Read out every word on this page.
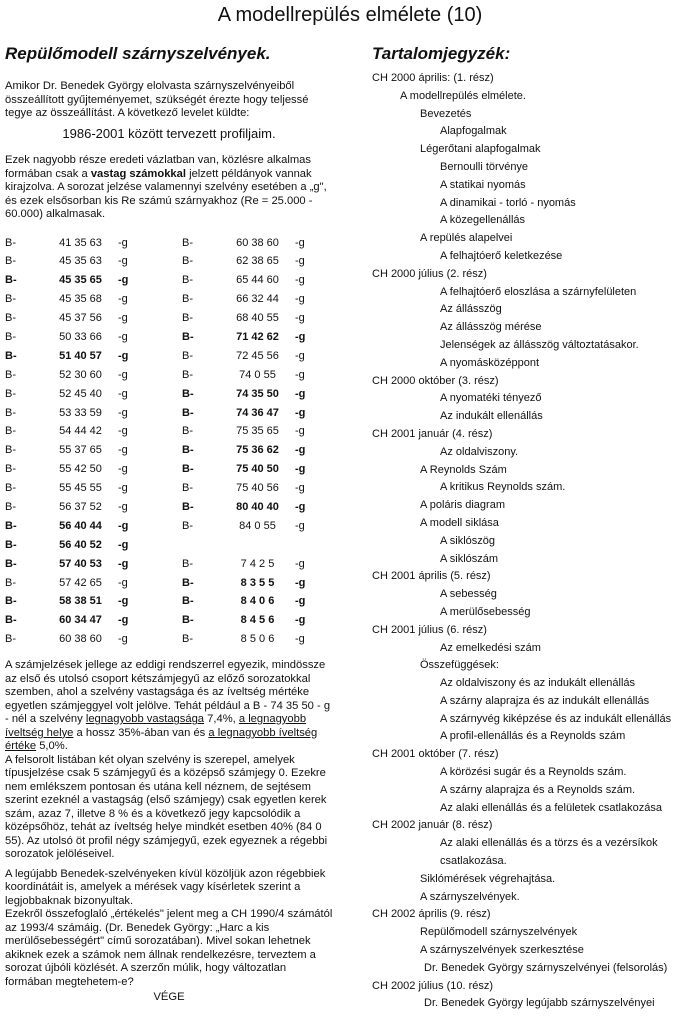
A modellrepülés elmélete (10)
Repülőmodell szárnyszelvények.

Amikor Dr. Benedek György elolvasta szárnyszelvényeiből összeállított gyűjteményemet, szükségét érezte hogy teljessé tegye az összeállítást. A következő levelet küldte:

1986-2001 között tervezett profiljaim.

Ezek nagyobb része eredeti vázlatban van, közlésre alkalmas formában csak a vastag számokkal jelzett példányok vannak kirajzolva. A sorozat jelzése valamennyi szelvény esetében a „g", és ezek elsősorban kis Re számú szárnyakhoz (Re = 25.000 - 60.000) alkalmasak.

B-	41 35 63	-g	B-	60 38 60	-g
B-	45 35 63	-g	B-	62 38 65	-g
B-	45 35 65	-g	B-	65 44 60	-g
B-	45 35 68	-g	B-	66 32 44	-g
B-	45 37 56	-g	B-	68 40 55	-g
B-	50 33 66	-g	B-	71 42 62	-g
B-	51 40 57	-g	B-	72 45 56	-g
B-	52 30 60	-g	B-	74 0 55	-g
B-	52 45 40	-g	B-	74 35 50	-g
B-	53 33 59	-g	B-	74 36 47	-g
B-	54 44 42	-g	B-	75 35 65	-g
B-	55 37 65	-g	B-	75 36 62	-g
B-	55 42 50	-g	B-	75 40 50	-g
B-	55 45 55	-g	B-	75 40 56	-g
B-	56 37 52	-g	B-	80 40 40	-g
B-	56 40 44	-g	B-	84 0 55	-g
B-	56 40 52	-g
B-	57 40 53	-g	B-	7 4 2 5	-g
B-	57 42 65	-g	B-	8 3 5 5	-g
B-	58 38 51	-g	B-	8 4 0 6	-g
B-	60 34 47	-g	B-	8 4 5 6	-g
B-	60 38 60	-g	B-	8 5 0 6	-g

A számjelzések jellege az eddigi rendszerrel egyezik, mindössze az első és utolsó csoport kétszámjegyű az előző sorozatokkal szemben, ahol a szelvény vastagsága és az íveltség mértéke egyetlen számjeggyel volt jelölve. Tehát például a B - 74 35 50 - g - nél a szelvény legnagyobb vastagsága 7,4%, a legnagyobb íveltség helye a hossz 35%-ában van és a legnagyobb íveltség értéke 5,0%.

A felsorolt listában két olyan szelvény is szerepel, amelyek típusjelzése csak 5 számjegyű és a középső számjegy 0. Ezekre nem emlékszem pontosan és utána kell néznem, de sejtésem szerint ezeknél a vastagság (első számjegy) csak egyetlen kerek szám, azaz 7, illetve 8 % és a következő jegy kapcsolódik a középsőhöz, tehát az íveltség helye mindkét esetben 40% (84 0 55). Az utolsó öt profil négy számjegyű, ezek egyeznek a régebbi sorozatok jelöléseivel.

A legújabb Benedek-szelvényeken kívül közöljük azon régebbiek koordinátáit is, amelyek a mérések vagy kísérletek szerint a legjobbaknak bizonyultak.

Ezekről összefoglaló „értékelés" jelent meg a CH 1990/4 számától az 1993/4 számáig. (Dr. Benedek György: „Harc a kis merülősebességért" című sorozatában). Mivel sokan lehetnek akiknek ezek a számok nem állnak rendelkezésre, terveztem a sorozat újbóli közlését. A szerzőn múlik, hogy változatlan formában megtehetem-e?

VÉGE
Tartalomjegyzék:
CH 2000 április: (1. rész)
A modellrepülés elmélete.
Bevezetés
Alapfogalmak
Légerőtani alapfogalmak
Bernoulli törvénye
A statikai nyomás
A dinamikai - torló - nyomás
A közegellenállás
A repülés alapelvei
A felhajtóerő keletkezése
CH 2000 július (2. rész)
A felhajtóerő eloszlása a szárnyfelületen
Az állásszög
Az állásszög mérése
Jelenségek az állásszög változtatásakor.
A nyomásközéppont
CH 2000 október (3. rész)
A nyomatéki tényező
Az indukált ellenállás
CH 2001 január (4. rész)
Az oldalviszony.
A Reynolds Szám
A kritikus Reynolds szám.
A poláris diagram
A modell siklása
A siklószög
A siklószám
CH 2001 április (5. rész)
A sebesség
A merülősebesség
CH 2001 július (6. rész)
Az emelkedési szám
Összefüggések:
Az oldalviszony és az indukált ellenállás
A szárny alaprajza és az indukált ellenállás
A szárnyvég kiképzése és az indukált ellenállás
A profil-ellenállás és a Reynolds szám
CH 2001 október (7. rész)
A körözési sugár és a Reynolds szám.
A szárny alaprajza és a Reynolds szám.
Az alaki ellenállás és a felületek csatlakozása
CH 2002 január (8. rész)
Az alaki ellenállás és a törzs és a vezérsíkok
csatlakozása.
Siklómérések végrehajtása.
A szárnyszelvények.
CH 2002 április (9. rész)
Repülőmodell szárnyszelvények
A szárnyszelvények szerkesztése
Dr. Benedek György szárnyszelvényei (felsorolás)
CH 2002 július (10. rész)
Dr. Benedek György legújabb szárnyszelvényei
